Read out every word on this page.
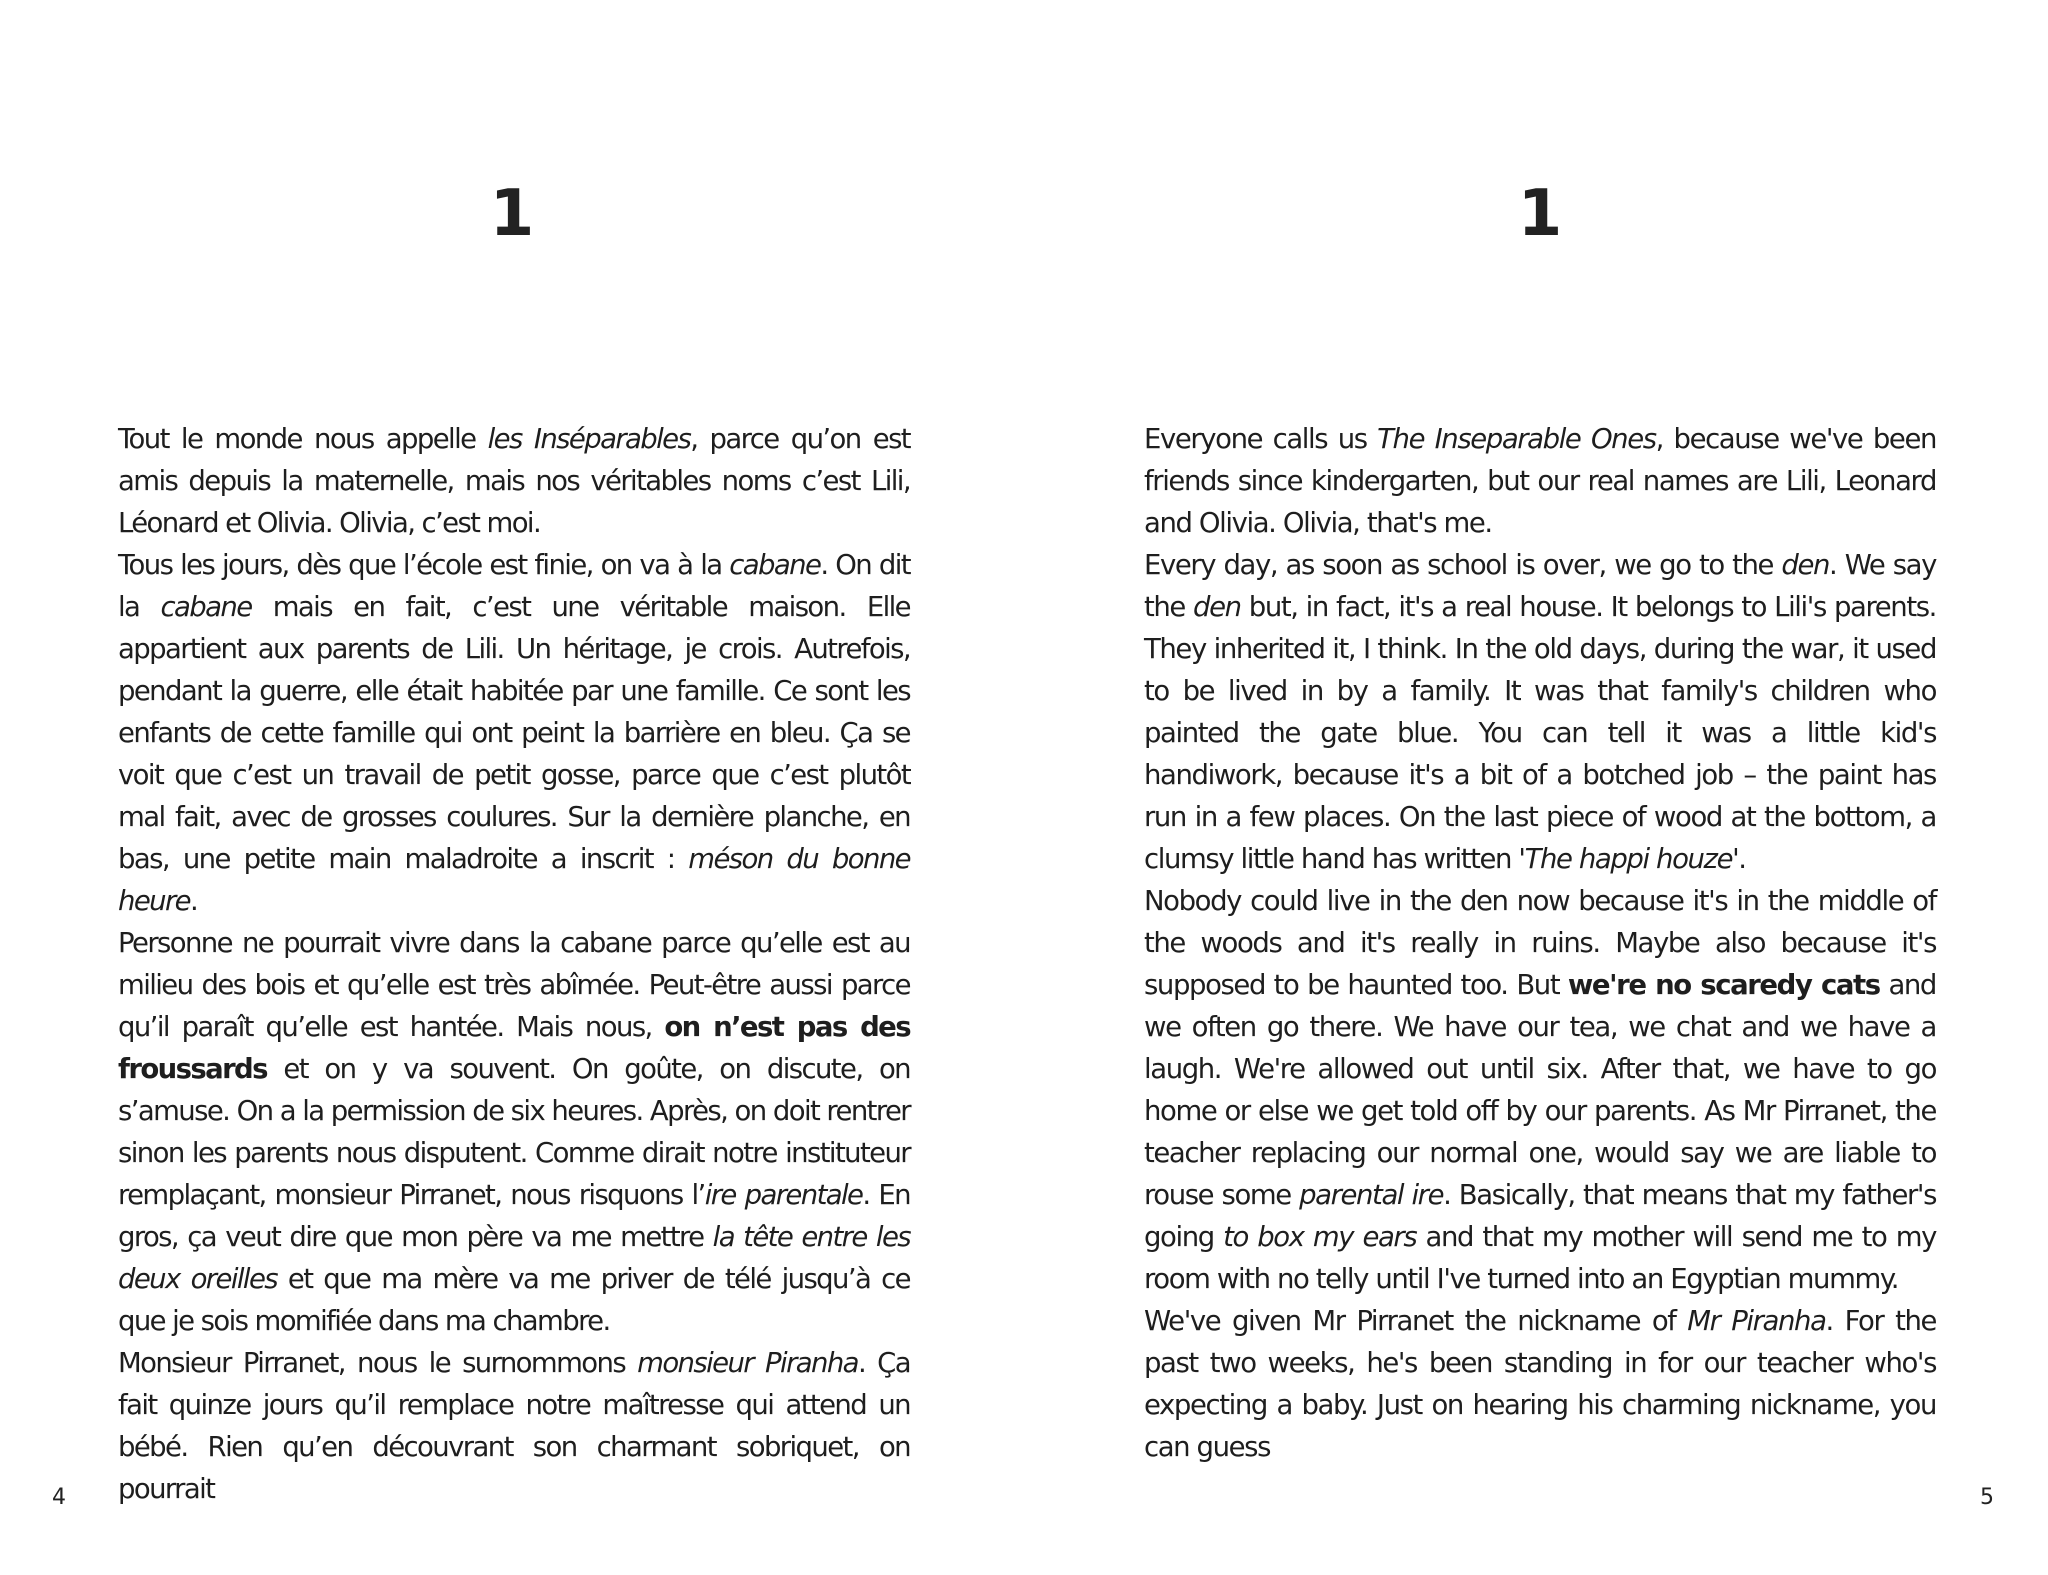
1

Tout le monde nous appelle les Inséparables, parce qu’on est amis depuis la maternelle, mais nos véritables noms c’est Lili, Léonard et Olivia. Olivia, c’est moi.

Tous les jours, dès que l’école est finie, on va à la cabane. On dit la cabane mais en fait, c’est une véritable maison. Elle appartient aux parents de Lili. Un héritage, je crois. Autrefois, pendant la guerre, elle était habitée par une famille. Ce sont les enfants de cette famille qui ont peint la barrière en bleu. Ça se voit que c’est un travail de petit gosse, parce que c’est plutôt mal fait, avec de grosses coulures. Sur la dernière planche, en bas, une petite main maladroite a inscrit : méson du bonne heure.

Personne ne pourrait vivre dans la cabane parce qu’elle est au milieu des bois et qu’elle est très abîmée. Peut-être aussi parce qu’il paraît qu’elle est hantée. Mais nous, on n’est pas des froussards et on y va souvent. On goûte, on discute, on s’amuse. On a la permission de six heures. Après, on doit rentrer sinon les parents nous disputent. Comme dirait notre instituteur remplaçant, monsieur Pirranet, nous risquons l’ire parentale. En gros, ça veut dire que mon père va me mettre la tête entre les deux oreilles et que ma mère va me priver de télé jusqu’à ce que je sois momifiée dans ma chambre.

Monsieur Pirranet, nous le surnommons monsieur Piranha. Ça fait quinze jours qu’il remplace notre maîtresse qui attend un bébé. Rien qu’en découvrant son charmant sobriquet, on pourrait

4
1

Everyone calls us The Inseparable Ones, because we've been friends since kindergarten, but our real names are Lili, Leonard and Olivia. Olivia, that's me.

Every day, as soon as school is over, we go to the den. We say the den but, in fact, it's a real house. It belongs to Lili's parents. They inherited it, I think. In the old days, during the war, it used to be lived in by a family. It was that family's children who painted the gate blue. You can tell it was a little kid's handiwork, because it's a bit of a botched job – the paint has run in a few places. On the last piece of wood at the bottom, a clumsy little hand has written 'The happi houze'.

Nobody could live in the den now because it's in the middle of the woods and it's really in ruins. Maybe also because it's supposed to be haunted too. But we're no scaredy cats and we often go there. We have our tea, we chat and we have a laugh. We're allowed out until six. After that, we have to go home or else we get told off by our parents. As Mr Pirranet, the teacher replacing our normal one, would say we are liable to rouse some parental ire. Basically, that means that my father's going to box my ears and that my mother will send me to my room with no telly until I've turned into an Egyptian mummy.

We've given Mr Pirranet the nickname of Mr Piranha. For the past two weeks, he's been standing in for our teacher who's expecting a baby. Just on hearing his charming nickname, you can guess

5
